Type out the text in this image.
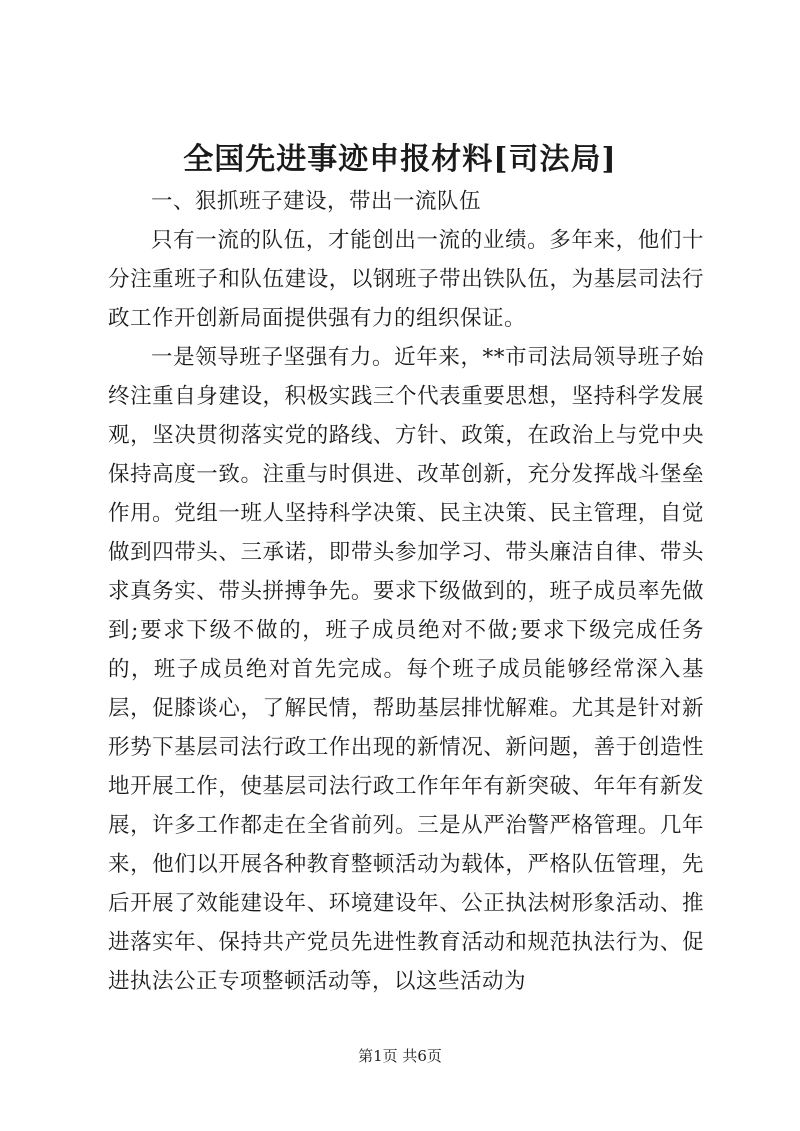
全国先进事迹申报材料[司法局]

一、狠抓班子建设，带出一流队伍

只有一流的队伍，才能创出一流的业绩。多年来，他们十分注重班子和队伍建设，以钢班子带出铁队伍，为基层司法行政工作开创新局面提供强有力的组织保证。

一是领导班子坚强有力。近年来，**市司法局领导班子始终注重自身建设，积极实践三个代表重要思想，坚持科学发展观，坚决贯彻落实党的路线、方针、政策，在政治上与党中央保持高度一致。注重与时俱进、改革创新，充分发挥战斗堡垒作用。党组一班人坚持科学决策、民主决策、民主管理，自觉做到四带头、三承诺，即带头参加学习、带头廉洁自律、带头求真务实、带头拼搏争先。要求下级做到的，班子成员率先做到;要求下级不做的，班子成员绝对不做;要求下级完成任务的，班子成员绝对首先完成。每个班子成员能够经常深入基层，促膝谈心，了解民情，帮助基层排忧解难。尤其是针对新形势下基层司法行政工作出现的新情况、新问题，善于创造性地开展工作，使基层司法行政工作年年有新突破、年年有新发展，许多工作都走在全省前列。三是从严治警严格管理。几年来，他们以开展各种教育整顿活动为载体，严格队伍管理，先后开展了效能建设年、环境建设年、公正执法树形象活动、推进落实年、保持共产党员先进性教育活动和规范执法行为、促进执法公正专项整顿活动等，以这些活动为

第1页 共6页
